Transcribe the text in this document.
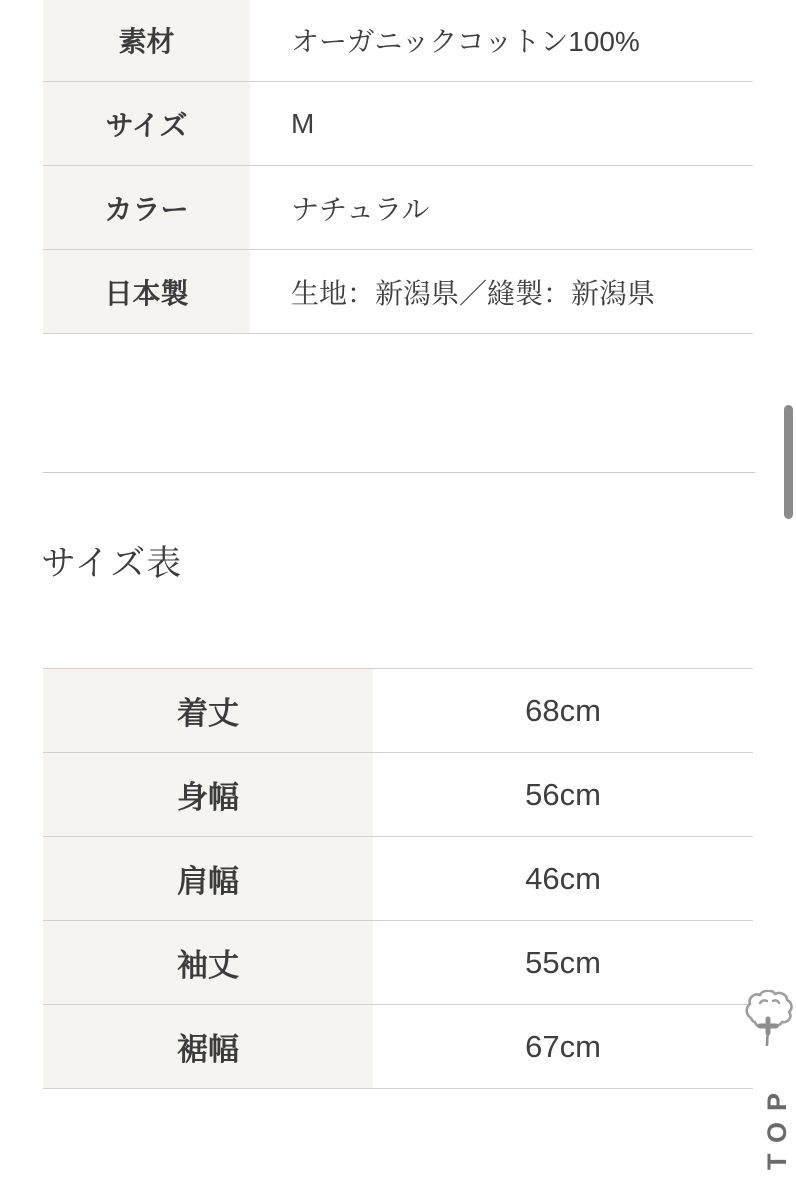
素材	オーガニックコットン100%
サイズ	M
カラー	ナチュラル
日本製	生地：新潟県／縫製：新潟県
サイズ表
着丈	68cm
身幅	56cm
肩幅	46cm
袖丈	55cm
裾幅	67cm
TOP
